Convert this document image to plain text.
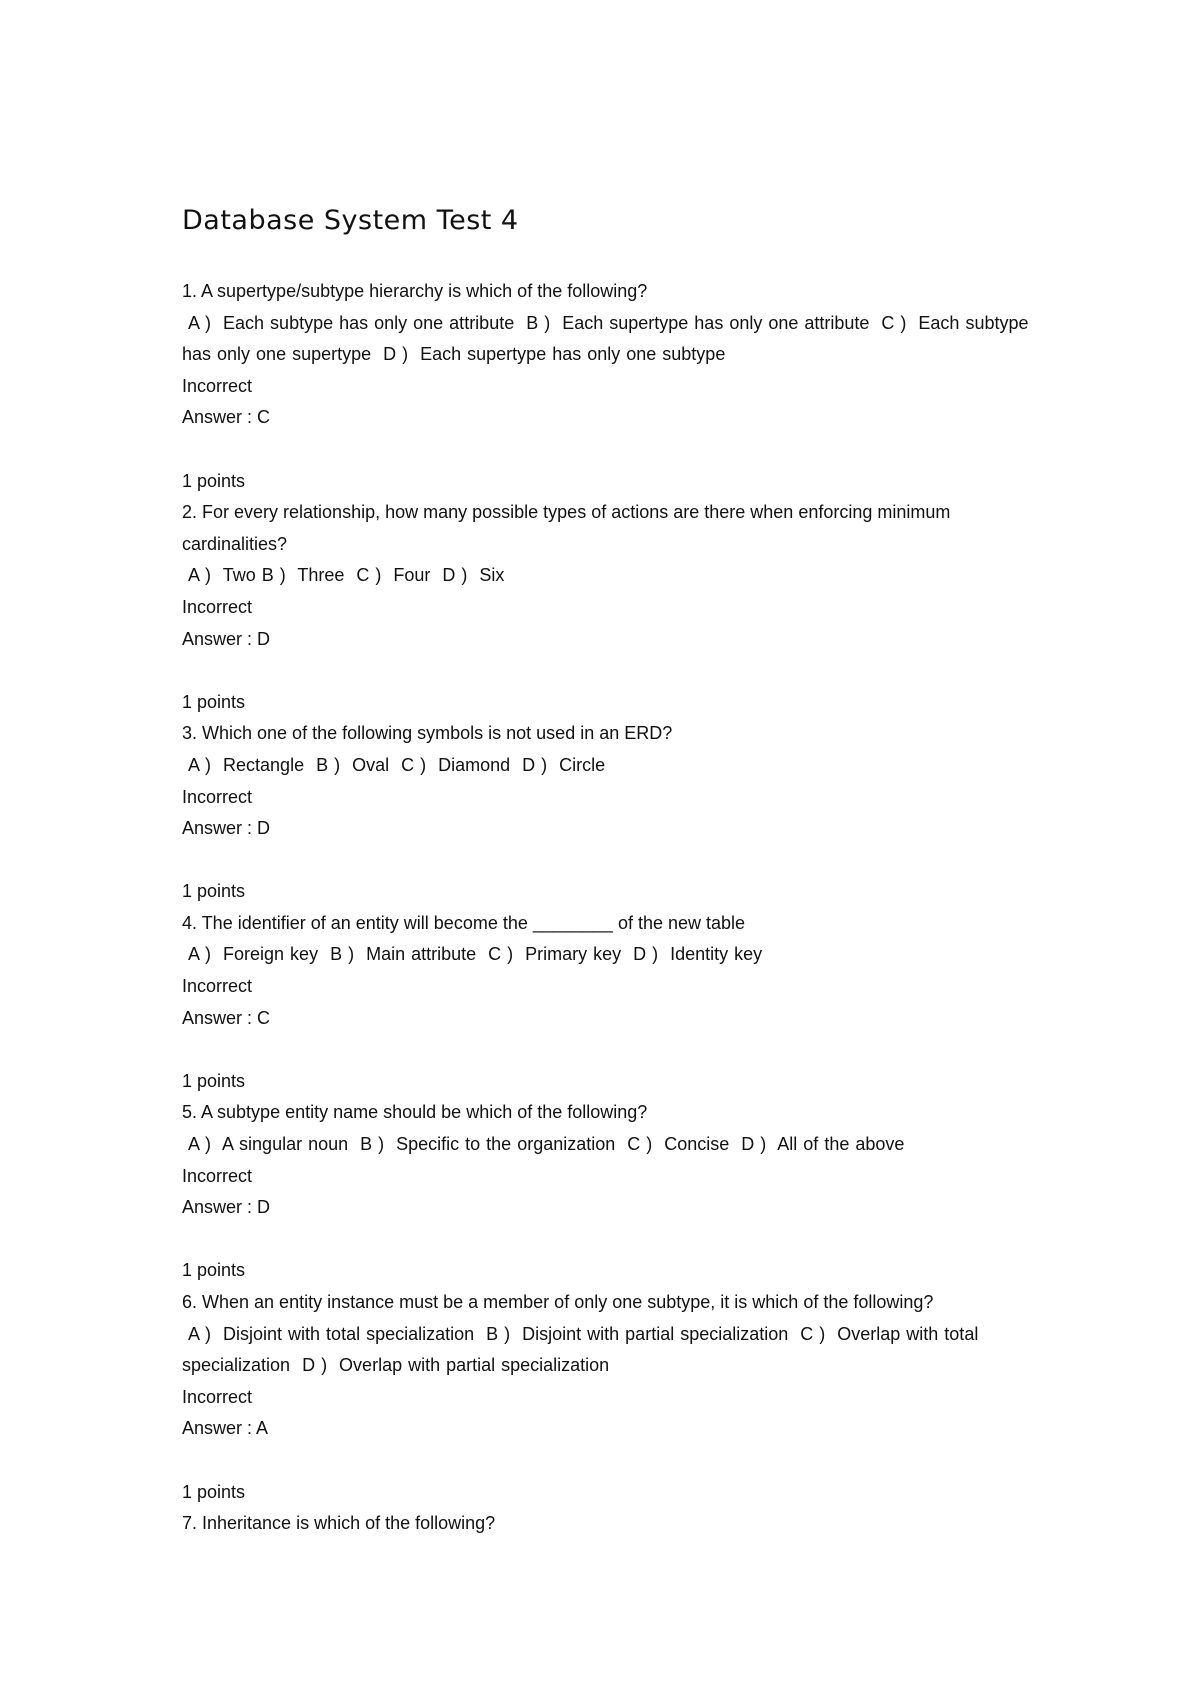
Database System Test 4
1. A supertype/subtype hierarchy is which of the following?
A )  Each subtype has only one attribute  B )  Each supertype has only one attribute  C )  Each subtype has only one supertype  D )  Each supertype has only one subtype
Incorrect
Answer : C
1 points
2. For every relationship, how many possible types of actions are there when enforcing minimum cardinalities?
A )  Two B )  Three  C )  Four  D )  Six
Incorrect
Answer : D
1 points
3. Which one of the following symbols is not used in an ERD?
A )  Rectangle  B )  Oval  C )  Diamond  D )  Circle
Incorrect
Answer : D
1 points
4. The identifier of an entity will become the ________ of the new table
A )  Foreign key  B )  Main attribute  C )  Primary key  D )  Identity key
Incorrect
Answer : C
1 points
5. A subtype entity name should be which of the following?
A )  A singular noun  B )  Specific to the organization  C )  Concise  D )  All of the above
Incorrect
Answer : D
1 points
6. When an entity instance must be a member of only one subtype, it is which of the following?
A )  Disjoint with total specialization  B )  Disjoint with partial specialization  C )  Overlap with total specialization  D )  Overlap with partial specialization
Incorrect
Answer : A
1 points
7. Inheritance is which of the following?
